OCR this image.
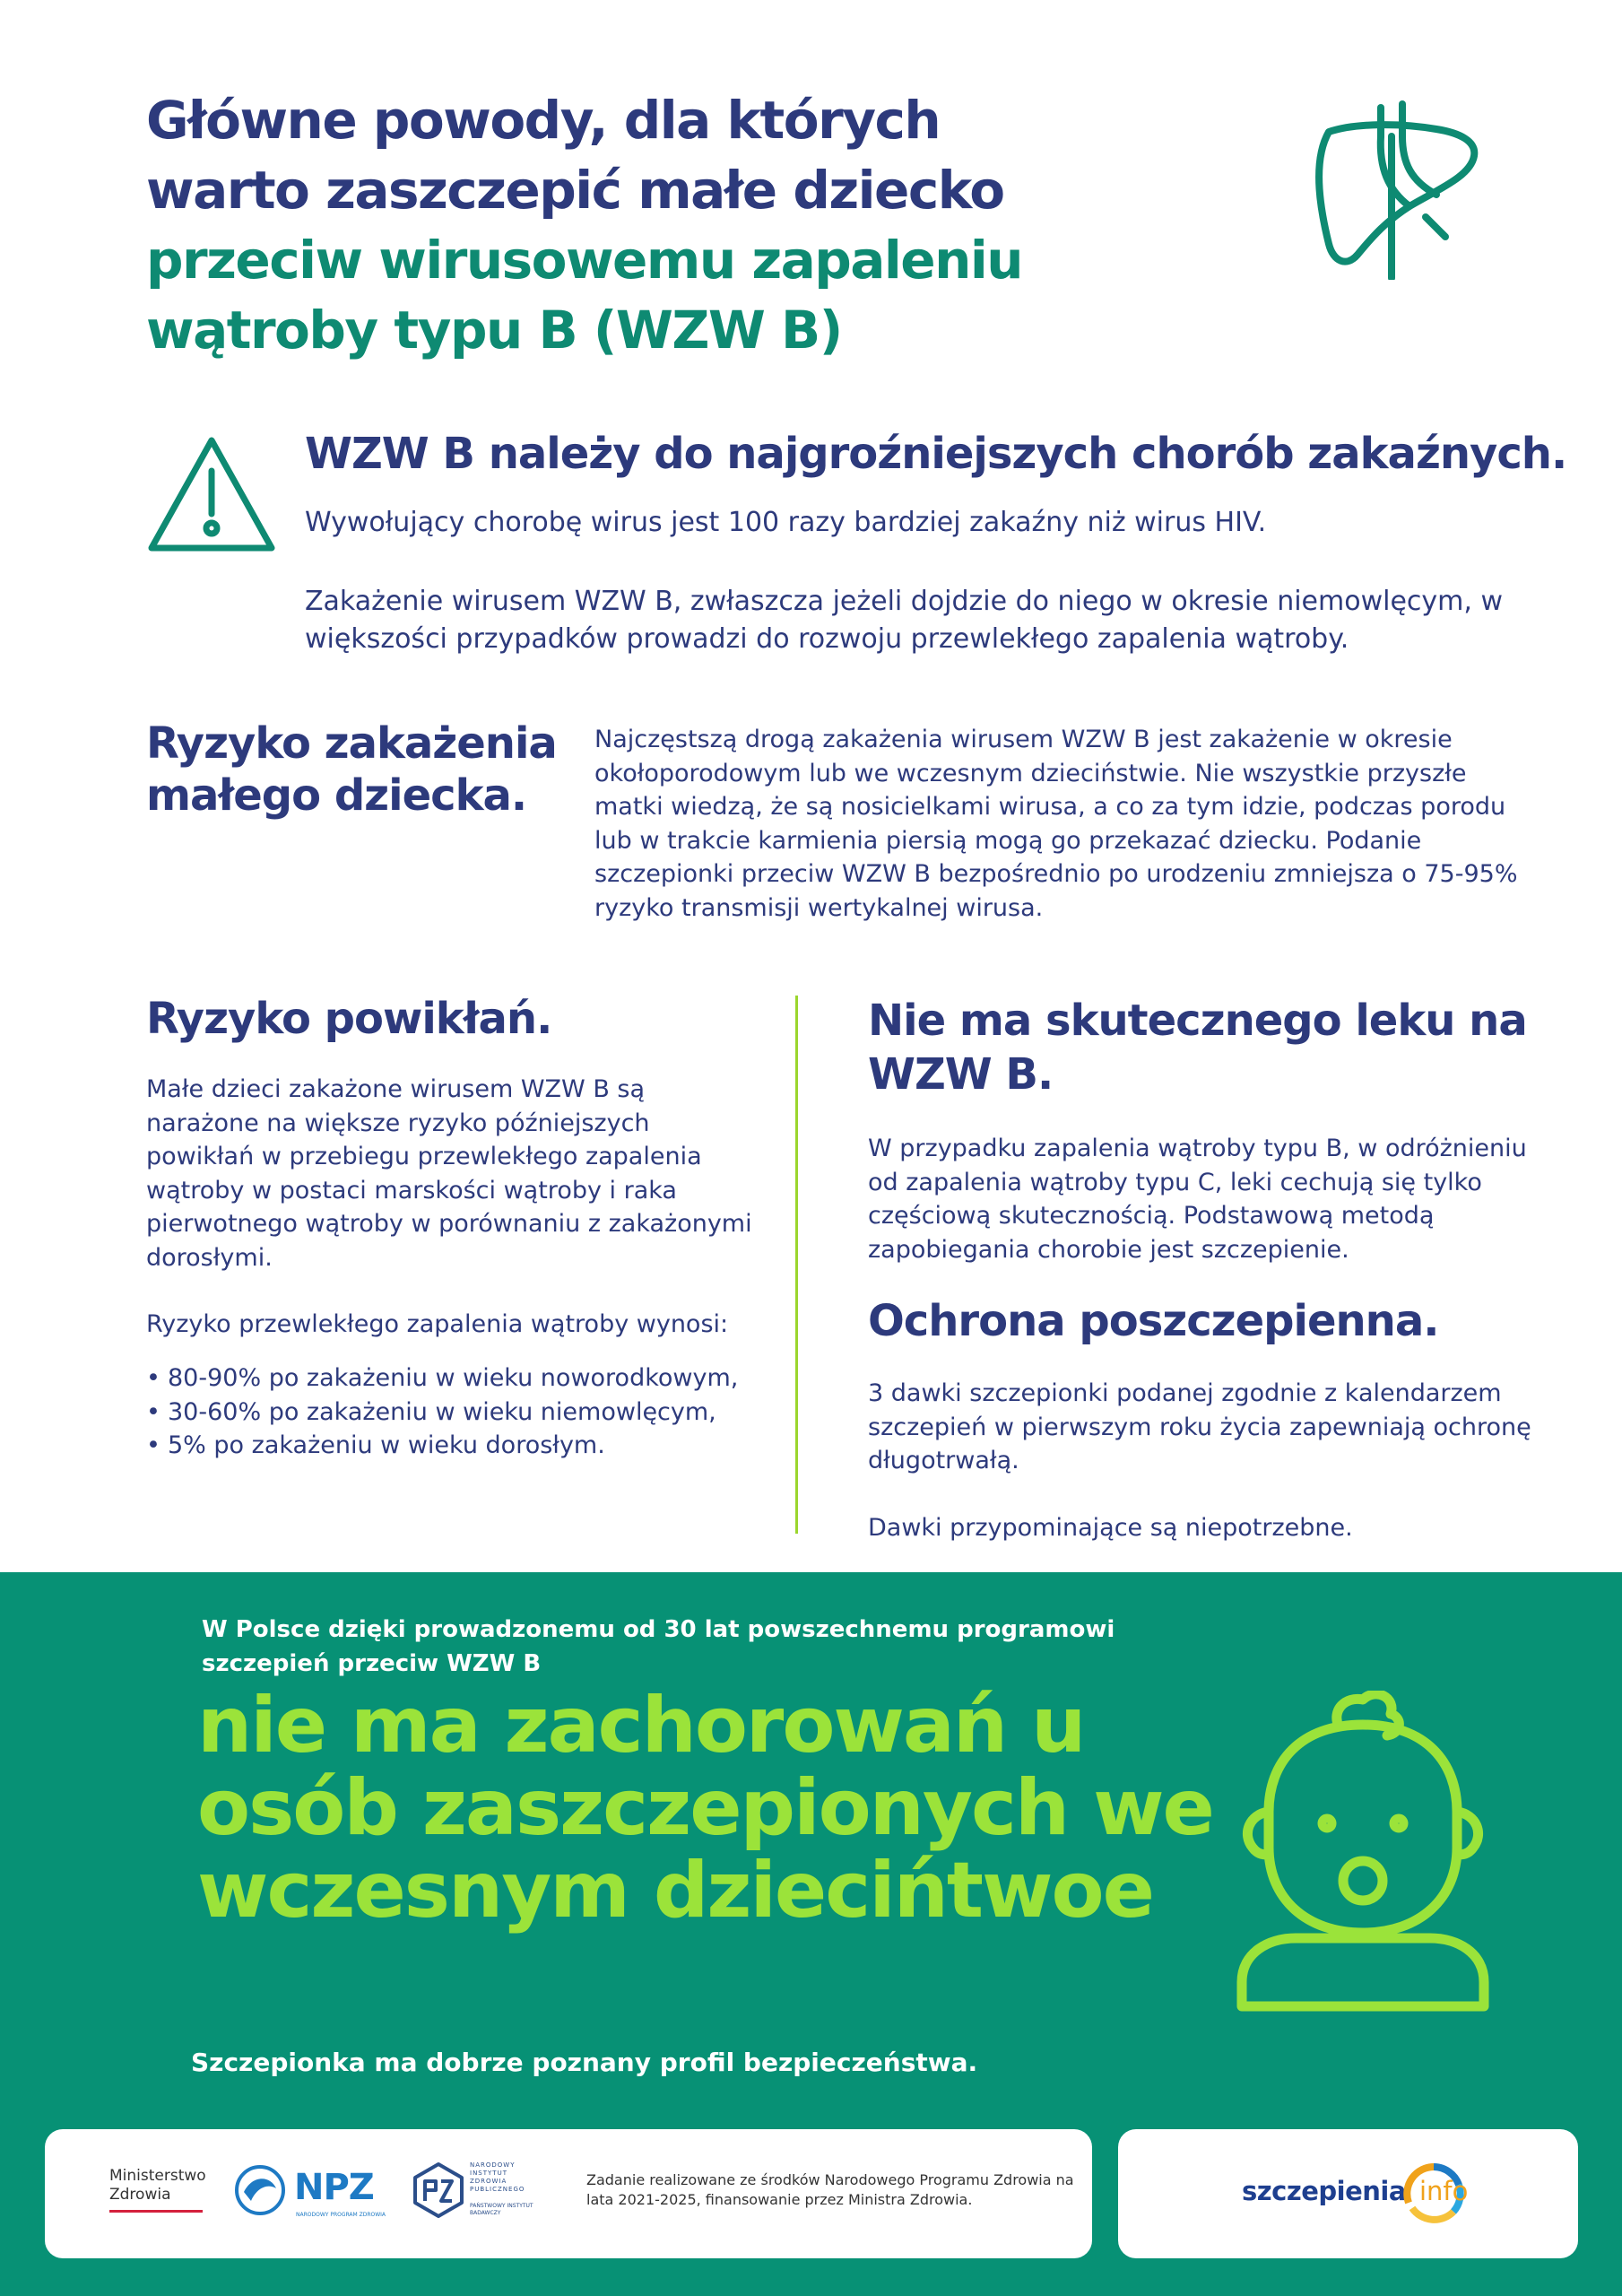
Główne powody, dla których warto zaszczepić małe dziecko przeciw wirusowemu zapaleniu wątroby typu B (WZW B)
WZW B należy do najgroźniejszych chorób zakaźnych.

Wywołujący chorobę wirus jest 100 razy bardziej zakaźny niż wirus HIV.

Zakażenie wirusem WZW B, zwłaszcza jeżeli dojdzie do niego w okresie niemowlęcym, w większości przypadków prowadzi do rozwoju przewlekłego zapalenia wątroby.

Ryzyko zakażenia małego dziecka.

Najczęstszą drogą zakażenia wirusem WZW B jest zakażenie w okresie okołoporodowym lub we wczesnym dzieciństwie. Nie wszystkie przyszłe matki wiedzą, że są nosicielkami wirusa, a co za tym idzie, podczas porodu lub w trakcie karmienia piersią mogą go przekazać dziecku. Podanie szczepionki przeciw WZW B bezpośrednio po urodzeniu zmniejsza o 75-95% ryzyko transmisji wertykalnej wirusa.

Ryzyko powikłań.

Małe dzieci zakażone wirusem WZW B są narażone na większe ryzyko późniejszych powikłań w przebiegu przewlekłego zapalenia wątroby w postaci marskości wątroby i raka pierwotnego wątroby w porównaniu z zakażonymi dorosłymi.

Ryzyko przewlekłego zapalenia wątroby wynosi:

• 80-90% po zakażeniu w wieku noworodkowym,
• 30-60% po zakażeniu w wieku niemowlęcym,
• 5% po zakażeniu w wieku dorosłym.
Nie ma skutecznego leku na WZW B.

W przypadku zapalenia wątroby typu B, w odróżnieniu od zapalenia wątroby typu C, leki cechują się tylko częściową skutecznością. Podstawową metodą zapobiegania chorobie jest szczepienie.

Ochrona poszczepienna.

3 dawki szczepionki podanej zgodnie z kalendarzem szczepień w pierwszym roku życia zapewniają ochronę długotrwałą.

Dawki przypominające są niepotrzebne.

W Polsce dzięki prowadzonemu od 30 lat powszechnemu programowi szczepień przeciw WZW B

nie ma zachorowań u osób zaszczepionych we wczesnym dziecińtwoe

Szczepionka ma dobrze poznany profil bezpieczeństwa.

Ministerstwo
Zdrowia	NPZ
NARODOWY PROGRAM ZDROWIA
NARODOWY INSTYTUT ZDROWIA PUBLICZNEGO
PAŃSTWOWY INSTYTUT BADAWCZY

Zadanie realizowane ze środków Narodowego Programu Zdrowia na lata 2021-2025, finansowanie przez Ministra Zdrowia.	szczepienia info
